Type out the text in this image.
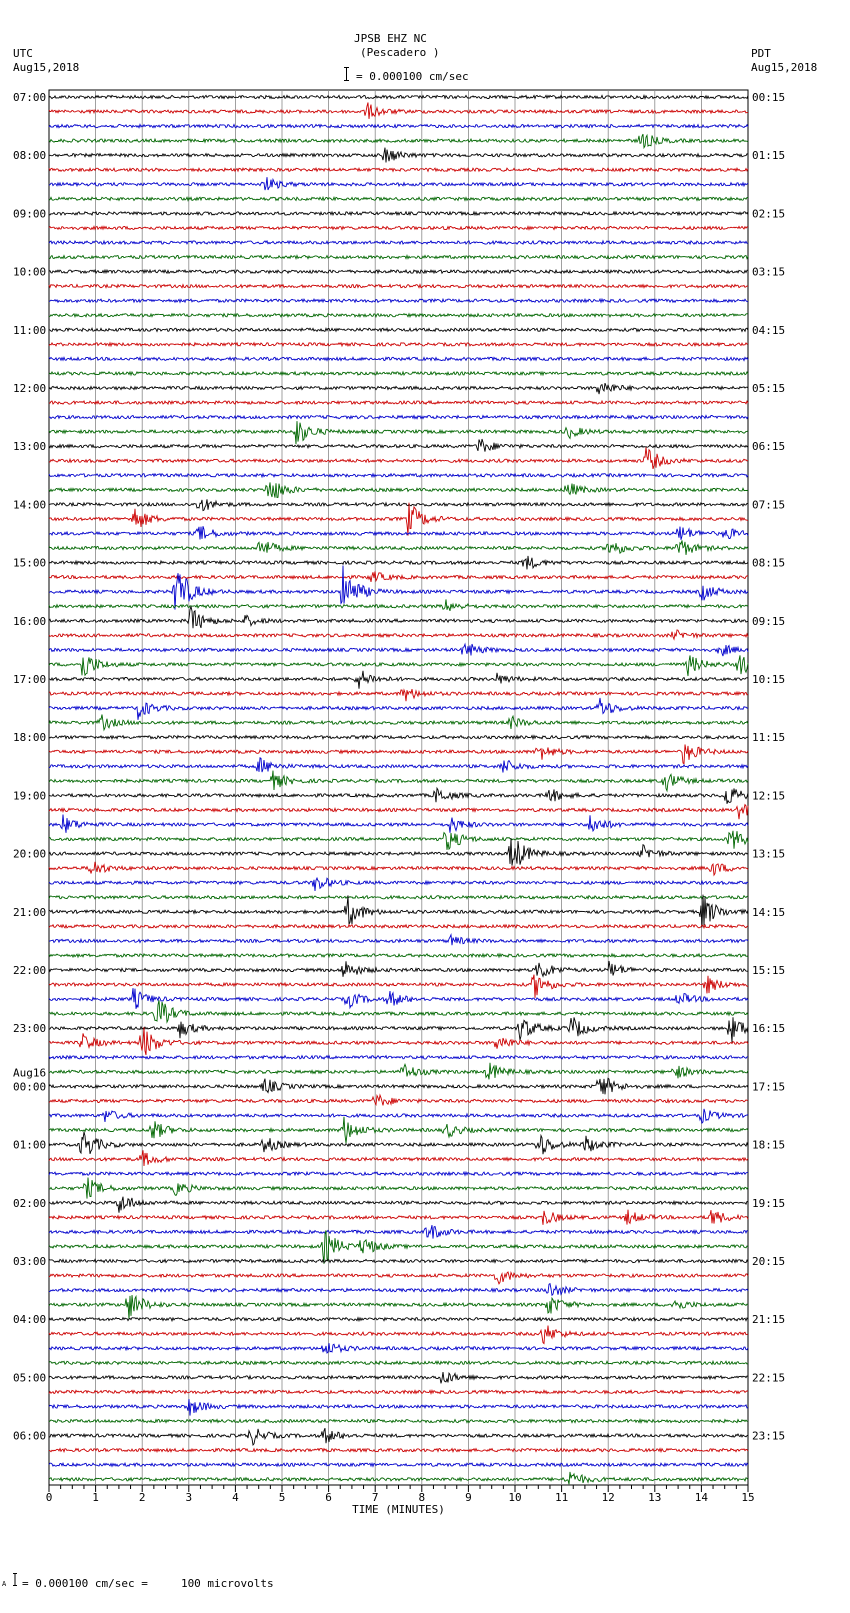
JPSB EHZ NC
(Pescadero )
UTC
Aug15,2018
PDT
Aug15,2018
= 0.000100 cm/sec
07:00
08:00
09:00
10:00
11:00
12:00
13:00
14:00
15:00
16:00
17:00
18:00
19:00
20:00
21:00
22:00
23:00
Aug16
00:00
01:00
02:00
03:00
04:00
05:00
06:00
00:15
01:15
02:15
03:15
04:15
05:15
06:15
07:15
08:15
09:15
10:15
11:15
12:15
13:15
14:15
15:15
16:15
17:15
18:15
19:15
20:15
21:15
22:15
23:15
0	1	2	3	4	5	6	7	8	9	10	11	12	13	14	15
TIME (MINUTES)
A = 0.000100 cm/sec =     100 microvolts
